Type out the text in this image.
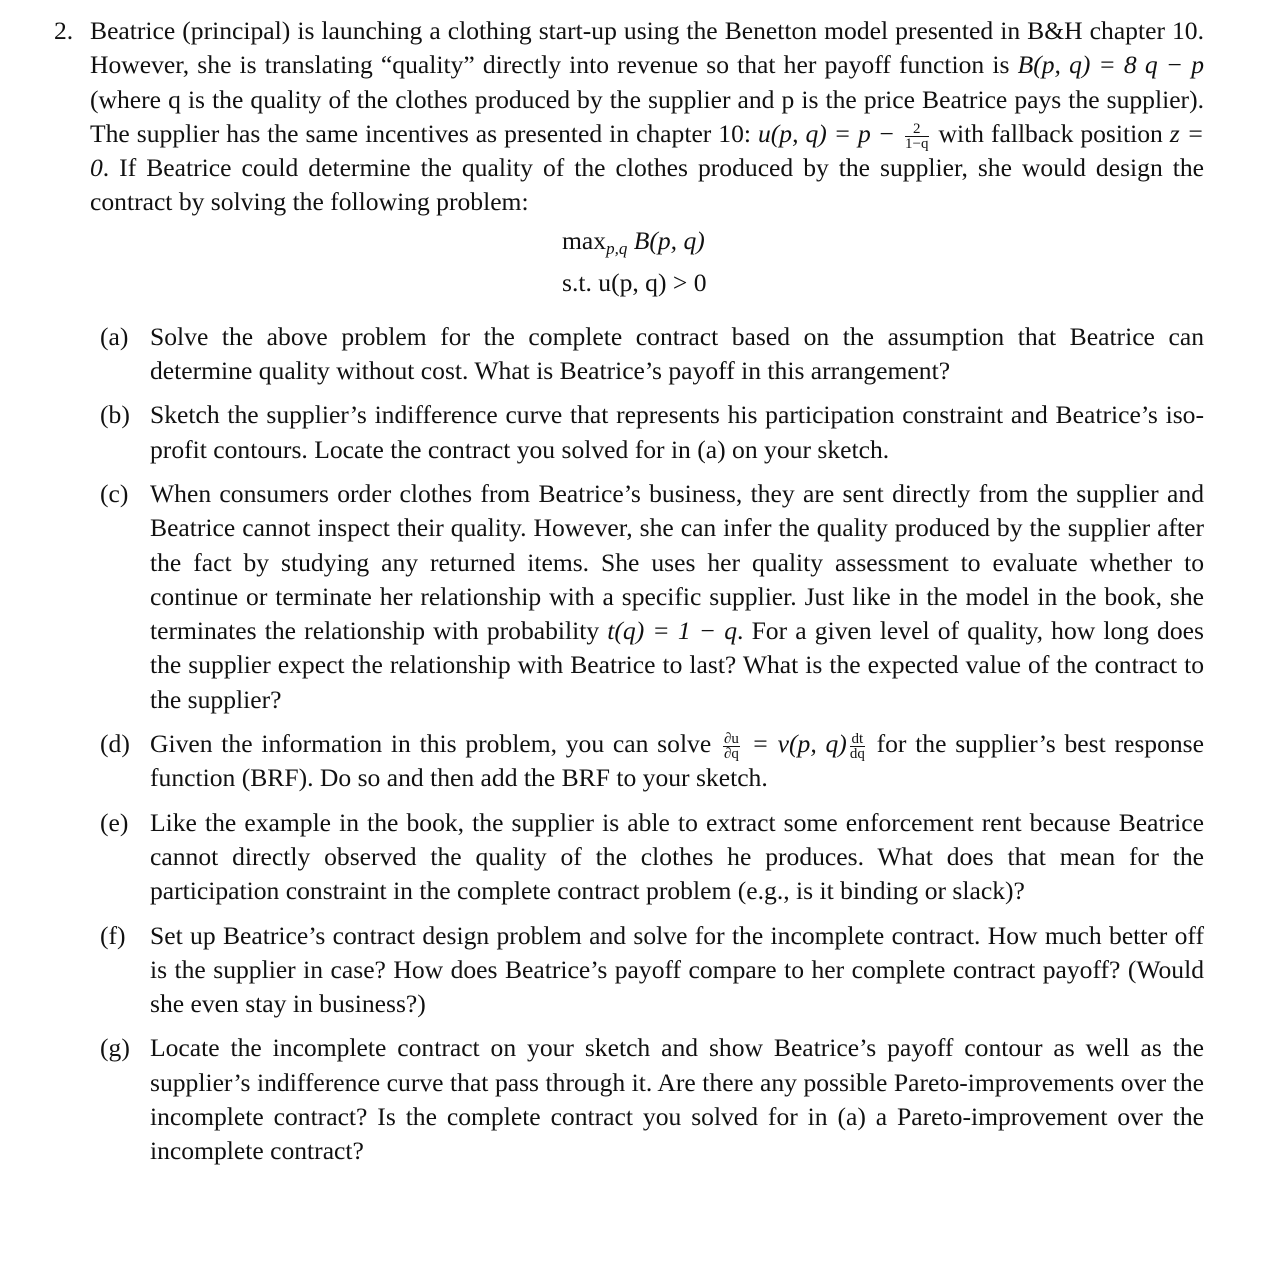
2. Beatrice (principal) is launching a clothing start-up using the Benetton model presented in B&H chapter 10. However, she is translating “quality” directly into revenue so that her payoff function is B(p, q) = 8 q − p (where q is the quality of the clothes produced by the supplier and p is the price Beatrice pays the supplier). The supplier has the same incentives as presented in chapter 10: u(p, $q) = p - \frac{2}{1-q}$ with fallback position z = 0. If Beatrice could determine the quality of the clothes produced by the supplier, she would design the contract by solving the following problem:
$\max_{p,q} B(p$, q)
s.t. u(p, q) > 0
(a) Solve the above problem for the complete contract based on the assumption that Beatrice can determine quality without cost. What is Beatrice’s payoff in this arrangement?
(b) Sketch the supplier’s indifference curve that represents his participation constraint and Beatrice’s iso-profit contours. Locate the contract you solved for in (a) on your sketch.
(c) When consumers order clothes from Beatrice’s business, they are sent directly from the supplier and Beatrice cannot inspect their quality. However, she can infer the quality produced by the supplier after the fact by studying any returned items. She uses her quality assessment to evaluate whether to continue or terminate her relationship with a specific supplier. Just like in the model in the book, she terminates the relationship with probability t(q) = 1 − q. For a given level of quality, how long does the supplier expect the relationship with Beatrice to last? What is the expected value of the contract to the supplier?
(d) Given the information in this problem, you can solve $\frac{\partial u}{\partial q} = v(p$, $q) \frac{dt}{dq}$ for the supplier’s best response function (BRF). Do so and then add the BRF to your sketch.
(e) Like the example in the book, the supplier is able to extract some enforcement rent because Beatrice cannot directly observed the quality of the clothes he produces. What does that mean for the participation constraint in the complete contract problem (e.g., is it binding or slack)?
(f) Set up Beatrice’s contract design problem and solve for the incomplete contract. How much better off is the supplier in case? How does Beatrice’s payoff compare to her complete contract payoff? (Would she even stay in business?)
(g) Locate the incomplete contract on your sketch and show Beatrice’s payoff contour as well as the supplier’s indifference curve that pass through it. Are there any possible Pareto-improvements over the incomplete contract? Is the complete contract you solved for in (a) a Pareto-improvement over the incomplete contract?
